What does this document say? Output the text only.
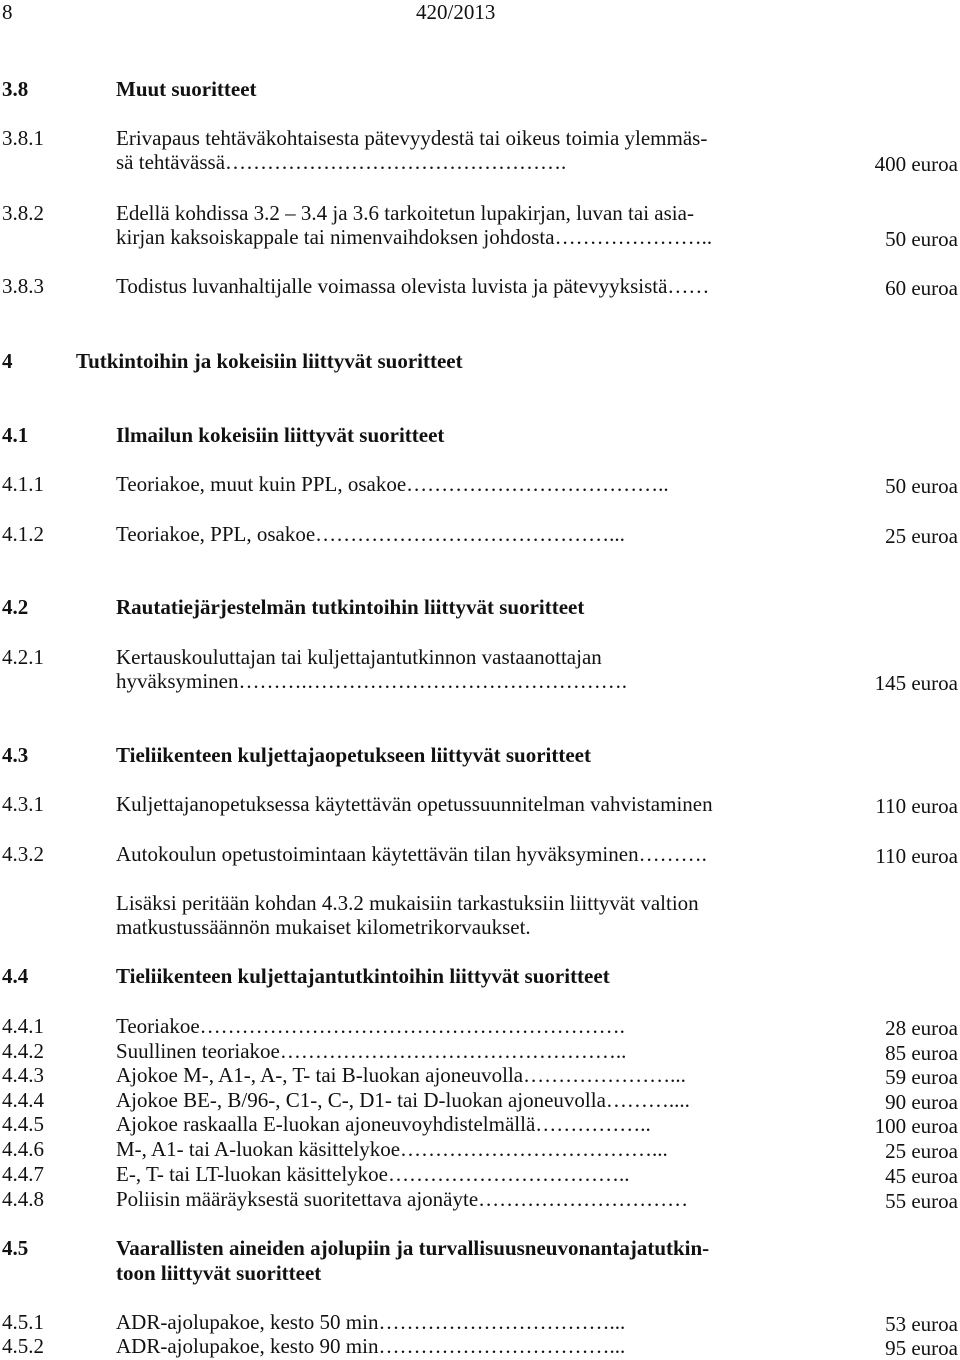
8	420/2013
3.8	Muut suoritteet
3.8.1	Erivapaus tehtäväkohtaisesta pätevyydestä tai oikeus toimia ylemmäs-
sä tehtävässä………………………………………….	400 euroa
3.8.2	Edellä kohdissa 3.2 – 3.4 ja 3.6 tarkoitetun lupakirjan, luvan tai asia-
kirjan kaksoiskappale tai nimenvaihdoksen johdosta…………………..	50 euroa
3.8.3	Todistus luvanhaltijalle voimassa olevista luvista ja pätevyyksistä……	60 euroa
4	Tutkintoihin ja kokeisiin liittyvät suoritteet
4.1	Ilmailun kokeisiin liittyvät suoritteet
4.1.1	Teoriakoe, muut kuin PPL, osakoe………………………………..	50 euroa
4.1.2	Teoriakoe, PPL, osakoe……………………………………...	25 euroa
4.2	Rautatiejärjestelmän tutkintoihin liittyvät suoritteet
4.2.1	Kertauskouluttajan tai kuljettajantutkinnon vastaanottajan
hyväksyminen……….……………………………………….	145 euroa
4.3	Tieliikenteen kuljettajaopetukseen liittyvät suoritteet
4.3.1	Kuljettajanopetuksessa käytettävän opetussuunnitelman vahvistaminen	110 euroa
4.3.2	Autokoulun opetustoimintaan käytettävän tilan hyväksyminen……….	110 euroa
Lisäksi peritään kohdan 4.3.2 mukaisiin tarkastuksiin liittyvät valtion
matkustussäännön mukaiset kilometrikorvaukset.
4.4	Tieliikenteen kuljettajantutkintoihin liittyvät suoritteet
4.4.1	Teoriakoe…………………………………………………….	28 euroa
4.4.2	Suullinen teoriakoe…………………………………………..	85 euroa
4.4.3	Ajokoe M-, A1-, A-, T- tai B-luokan ajoneuvolla…………………...	59 euroa
4.4.4	Ajokoe BE-, B/96-, C1-, C-, D1- tai D-luokan ajoneuvolla………....	90 euroa
4.4.5	Ajokoe raskaalla E-luokan ajoneuvoyhdistelmällä……………..	100 euroa
4.4.6	M-, A1- tai A-luokan käsittelykoe………………………………...	25 euroa
4.4.7	E-, T- tai LT-luokan käsittelykoe……………………………..	45 euroa
4.4.8	Poliisin määräyksestä suoritettava ajonäyte…………………………	55 euroa
4.5	Vaarallisten aineiden ajolupiin ja turvallisuusneuvonantajatutkin-
toon liittyvät suoritteet
4.5.1	ADR-ajolupakoe, kesto 50 min……………………………...	53 euroa
4.5.2	ADR-ajolupakoe, kesto 90 min……………………………...	95 euroa
